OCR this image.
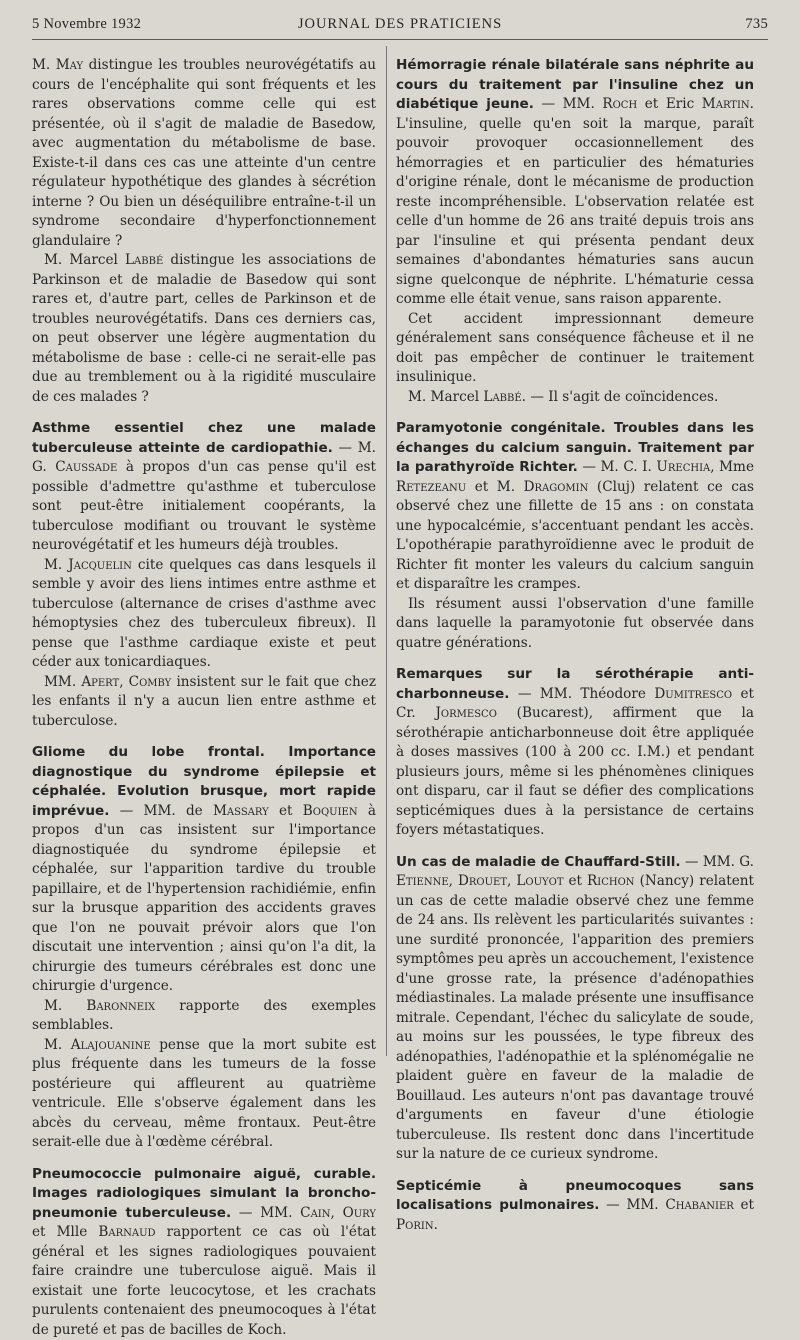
5 Novembre 1932	JOURNAL DES PRATICIENS	735

M. May distingue les troubles neurovégétatifs au cours de l'encéphalite qui sont fréquents et les rares observations comme celle qui est présentée, où il s'agit de maladie de Basedow, avec augmentation du métabolisme de base. Existe-t-il dans ces cas une atteinte d'un centre régulateur hypothétique des glandes à sécrétion interne ? Ou bien un déséquilibre entraîne-t-il un syndrome secondaire d'hyperfonctionnement glandulaire ?

M. Marcel Labbé distingue les associations de Parkinson et de maladie de Basedow qui sont rares et, d'autre part, celles de Parkinson et de troubles neurovégétatifs. Dans ces derniers cas, on peut observer une légère augmentation du métabolisme de base : celle-ci ne serait-elle pas due au tremblement ou à la rigidité musculaire de ces malades ?

Asthme essentiel chez une malade tuberculeuse atteinte de cardiopathie. — M. G. Caussade à propos d'un cas pense qu'il est possible d'admettre qu'asthme et tuberculose sont peut-être initialement coopérants, la tuberculose modifiant ou trouvant le système neurovégétatif et les humeurs déjà troubles.

M. Jacquelin cite quelques cas dans lesquels il semble y avoir des liens intimes entre asthme et tuberculose (alternance de crises d'asthme avec hémoptysies chez des tuberculeux fibreux). Il pense que l'asthme cardiaque existe et peut céder aux tonicardiaques.

MM. Apert, Comby insistent sur le fait que chez les enfants il n'y a aucun lien entre asthme et tuberculose.

Gliome du lobe frontal. Importance diagnostique du syndrome épilepsie et céphalée. Evolution brusque, mort rapide imprévue. — MM. de Massary et Boquien à propos d'un cas insistent sur l'importance diagnostiquée du syndrome épilepsie et céphalée, sur l'apparition tardive du trouble papillaire, et de l'hypertension rachidiémie, enfin sur la brusque apparition des accidents graves que l'on ne pouvait prévoir alors que l'on discutait une intervention ; ainsi qu'on l'a dit, la chirurgie des tumeurs cérébrales est donc une chirurgie d'urgence.

M. Baronneix rapporte des exemples semblables.

M. Alajouanine pense que la mort subite est plus fréquente dans les tumeurs de la fosse postérieure qui affleurent au quatrième ventricule. Elle s'observe également dans les abcès du cerveau, même frontaux. Peut-être serait-elle due à l'œdème cérébral.

Pneumococcie pulmonaire aiguë, curable. Images radiologiques simulant la broncho-pneumonie tuberculeuse. — MM. Cain, Oury et Mlle Barnaud rapportent ce cas où l'état général et les signes radiologiques pouvaient faire craindre une tuberculose aiguë. Mais il existait une forte leucocytose, et les crachats purulents contenaient des pneumocoques à l'état de pureté et pas de bacilles de Koch.

Hémorragie rénale bilatérale sans néphrite au cours du traitement par l'insuline chez un diabétique jeune. — MM. Roch et Eric Martin. L'insuline, quelle qu'en soit la marque, paraît pouvoir provoquer occasionnellement des hémorragies et en particulier des hématuries d'origine rénale, dont le mécanisme de production reste incompréhensible. L'observation relatée est celle d'un homme de 26 ans traité depuis trois ans par l'insuline et qui présenta pendant deux semaines d'abondantes hématuries sans aucun signe quelconque de néphrite. L'hématurie cessa comme elle était venue, sans raison apparente.

Cet accident impressionnant demeure généralement sans conséquence fâcheuse et il ne doit pas empêcher de continuer le traitement insulinique.

M. Marcel Labbé. — Il s'agit de coïncidences.

Paramyotonie congénitale. Troubles dans les échanges du calcium sanguin. Traitement par la parathyroïde Richter. — M. C. I. Urechia, Mme Retezeanu et M. Dragomin (Cluj) relatent ce cas observé chez une fillette de 15 ans : on constata une hypocalcémie, s'accentuant pendant les accès. L'opothérapie parathyroïdienne avec le produit de Richter fit monter les valeurs du calcium sanguin et disparaître les crampes.

Ils résument aussi l'observation d'une famille dans laquelle la paramyotonie fut observée dans quatre générations.

Remarques sur la sérothérapie anti-charbonneuse. — MM. Théodore Dumitresco et Cr. Jormesco (Bucarest), affirment que la sérothérapie anticharbonneuse doit être appliquée à doses massives (100 à 200 cc. I.M.) et pendant plusieurs jours, même si les phénomènes cliniques ont disparu, car il faut se défier des complications septicémiques dues à la persistance de certains foyers métastatiques.

Un cas de maladie de Chauffard-Still. — MM. G. Etienne, Drouet, Louyot et Richon (Nancy) relatent un cas de cette maladie observé chez une femme de 24 ans. Ils relèvent les particularités suivantes : une surdité prononcée, l'apparition des premiers symptômes peu après un accouchement, l'existence d'une grosse rate, la présence d'adénopathies médiastinales. La malade présente une insuffisance mitrale. Cependant, l'échec du salicylate de soude, au moins sur les poussées, le type fibreux des adénopathies, l'adénopathie et la splénomégalie ne plaident guère en faveur de la maladie de Bouillaud. Les auteurs n'ont pas davantage trouvé d'arguments en faveur d'une étiologie tuberculeuse. Ils restent donc dans l'incertitude sur la nature de ce curieux syndrome.

Septicémie à pneumocoques sans localisations pulmonaires. — MM. Chabanier et Porin.
